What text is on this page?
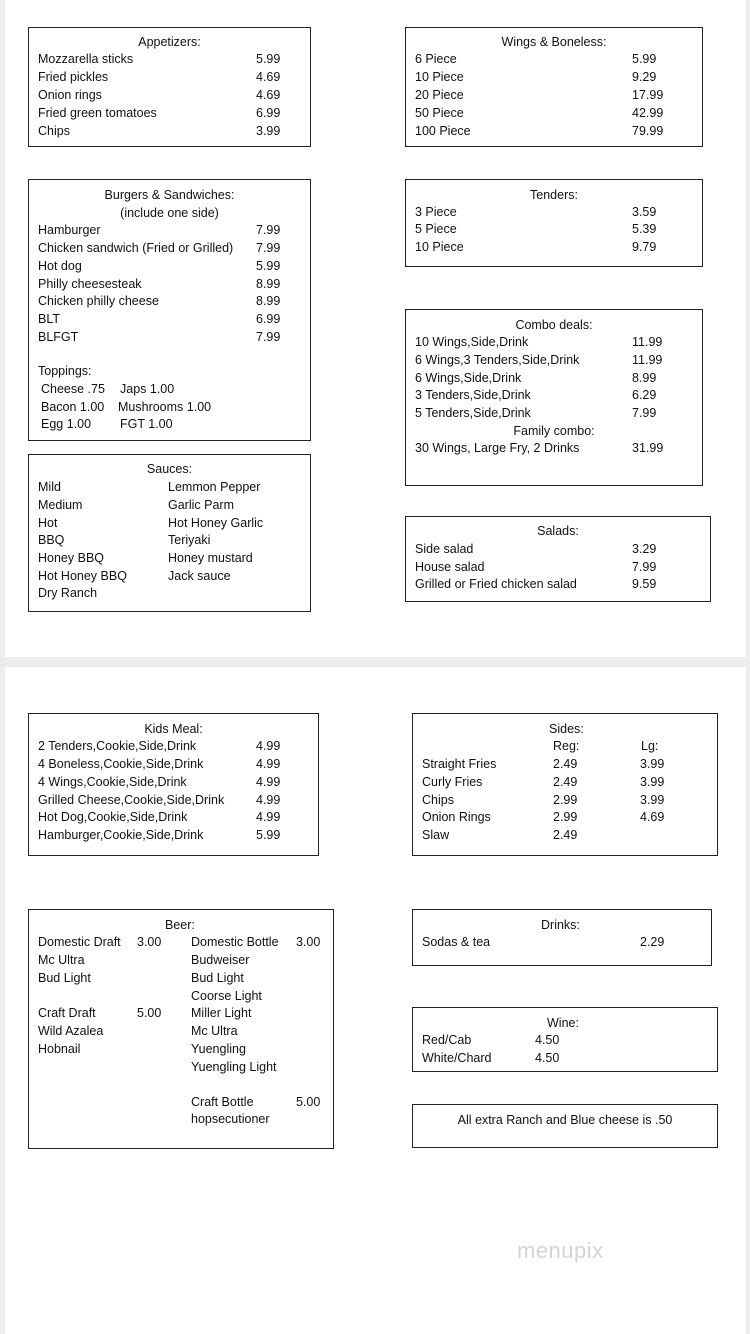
Appetizers:
Mozzarella sticks	5.99
Fried pickles	4.69
Onion rings	4.69
Fried green tomatoes	6.99
Chips	3.99
Wings & Boneless:
6 Piece	5.99
10 Piece	9.29
20 Piece	17.99
50 Piece	42.99
100 Piece	79.99
Burgers & Sandwiches:
(include one side)
Hamburger	7.99
Chicken sandwich (Fried or Grilled) 7.99
Hot dog	5.99
Philly cheesesteak	8.99
Chicken philly cheese	8.99
BLT	6.99
BLFGT	7.99
Toppings:
Cheese .75 Japs 1.00
Bacon 1.00 Mushrooms 1.00
Egg 1.00 FGT 1.00
Tenders:
3 Piece	3.59
5 Piece	5.39
10 Piece	9.79
Combo deals:
10 Wings,Side,Drink	11.99
6 Wings,3 Tenders,Side,Drink	11.99
6 Wings,Side,Drink	8.99
3 Tenders,Side,Drink	6.29
5 Tenders,Side,Drink	7.99
Family combo:
30 Wings, Large Fry, 2 Drinks	31.99
Sauces:
Mild
Medium
Hot
BBQ
Honey BBQ
Hot Honey BBQ
Dry Ranch
Lemmon Pepper
Garlic Parm
Hot Honey Garlic
Teriyaki
Honey mustard
Jack sauce
Salads:
Side salad	3.29
House salad	7.99
Grilled or Fried chicken salad	9.59
Kids Meal:
2 Tenders,Cookie,Side,Drink	4.99
4 Boneless,Cookie,Side,Drink	4.99
4 Wings,Cookie,Side,Drink	4.99
Grilled Cheese,Cookie,Side,Drink	4.99
Hot Dog,Cookie,Side,Drink	4.99
Hamburger,Cookie,Side,Drink	5.99
Sides:
Reg:	Lg:
Straight Fries	2.49	3.99
Curly Fries	2.49	3.99
Chips	2.99	3.99
Onion Rings	2.99	4.69
Slaw	2.49
Beer:
Domestic Draft 3.00
Mc Ultra
Bud Light
Craft Draft	5.00
Wild Azalea
Hobnail
Domestic Bottle 3.00
Budweiser
Bud Light
Coorse Light
Miller Light
Mc Ultra
Yuengling
Yuengling Light
Craft Bottle	5.00
hopsecutioner
Drinks:
Sodas & tea	2.29
Wine:
Red/Cab	4.50
White/Chard	4.50
All extra Ranch and Blue cheese is .50
menupix
